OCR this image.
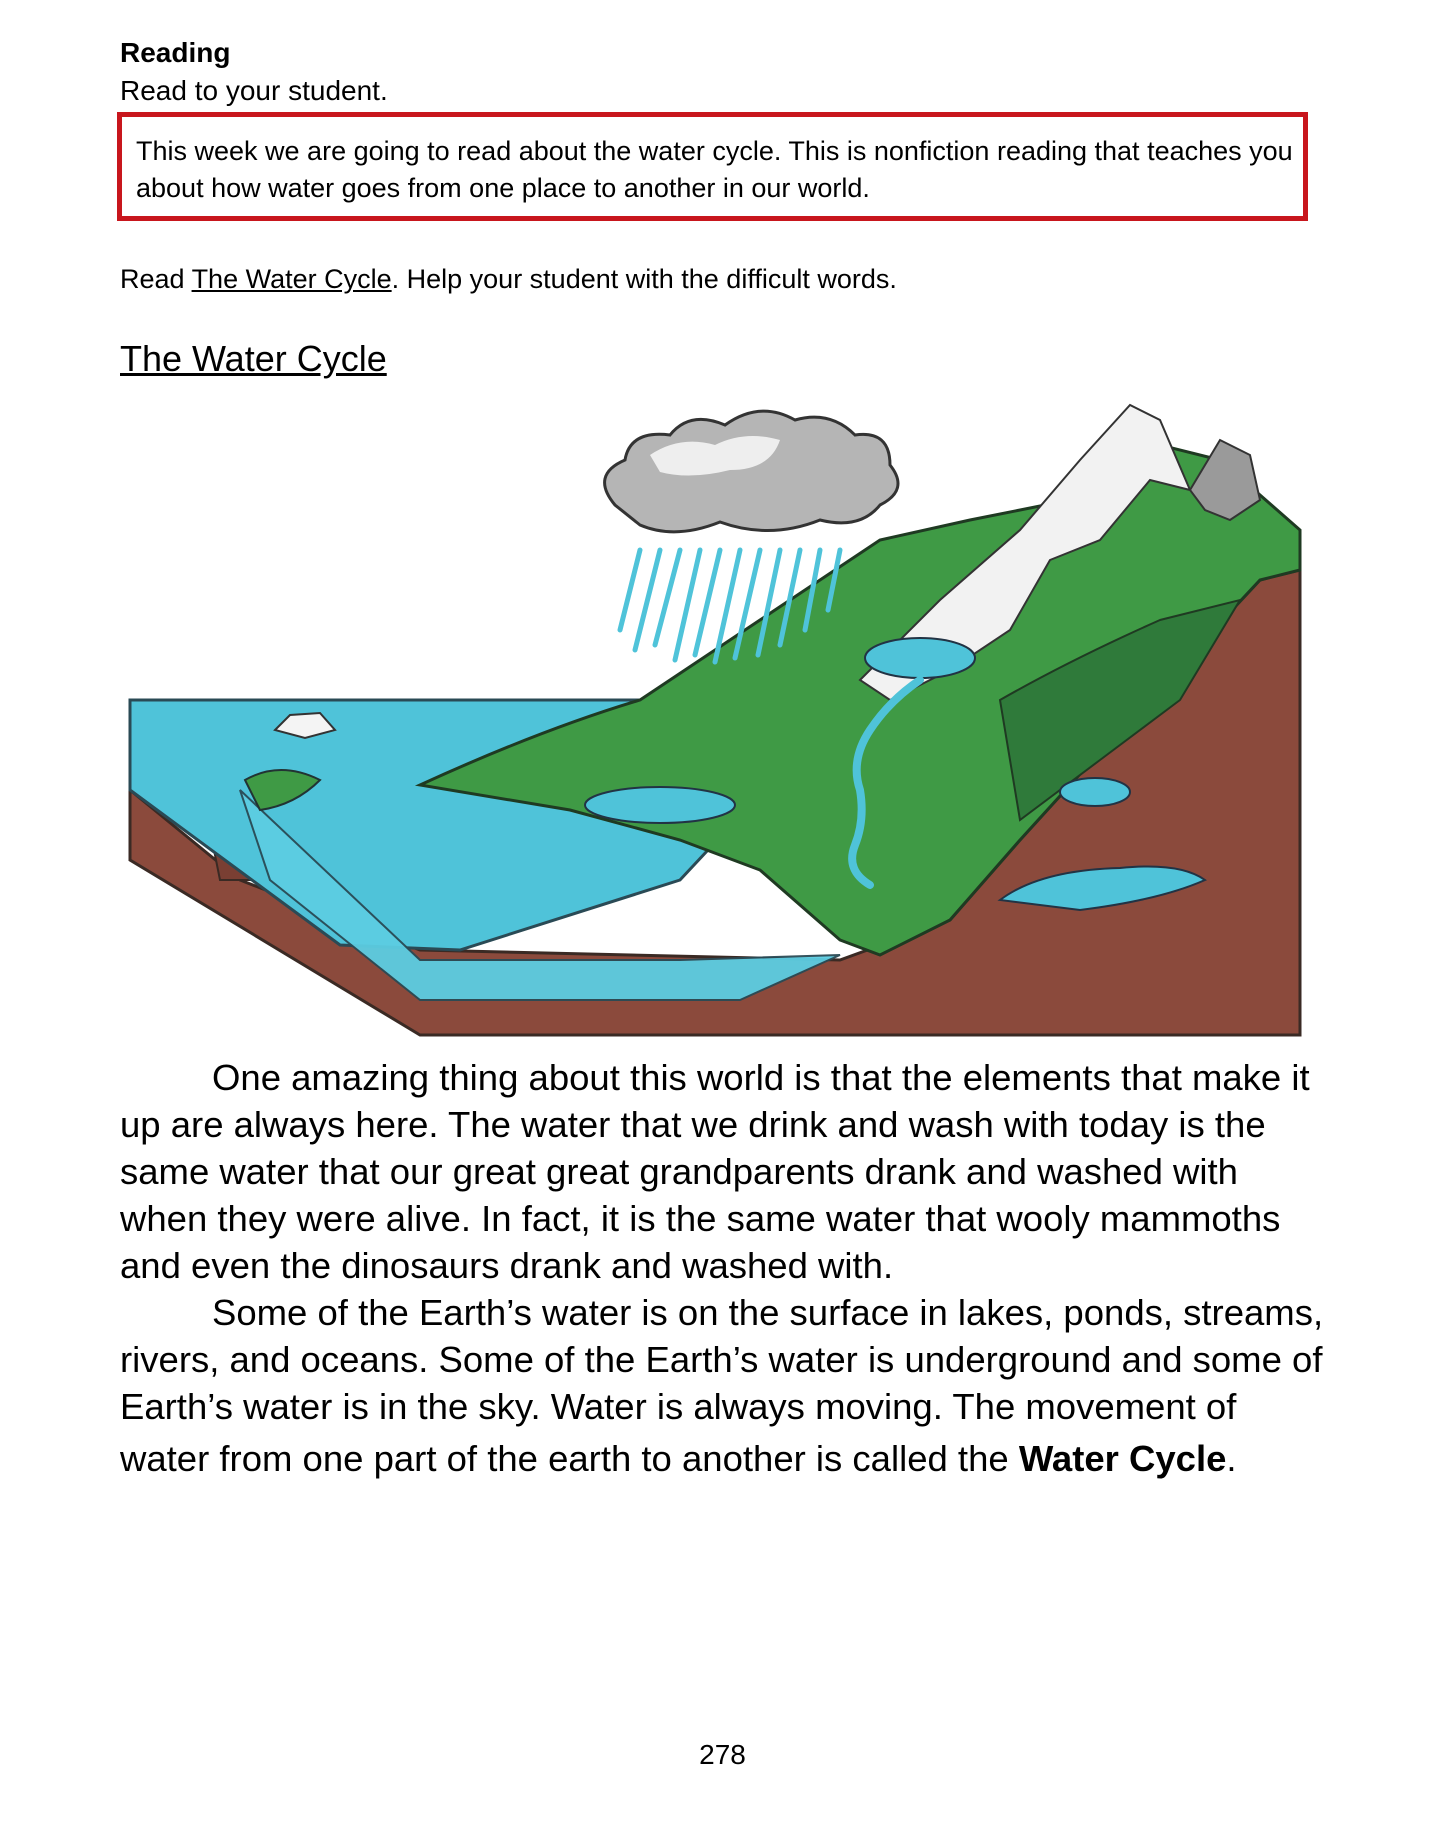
Reading
Read to your student.
This week we are going to read about the water cycle. This is nonfiction reading that teaches you about how water goes from one place to another in our world.
Read The Water Cycle. Help your student with the difficult words.
The Water Cycle

One amazing thing about this world is that the elements that make it up are always here. The water that we drink and wash with today is the same water that our great great grandparents drank and washed with when they were alive. In fact, it is the same water that wooly mammoths and even the dinosaurs drank and washed with.

Some of the Earth’s water is on the surface in lakes, ponds, streams, rivers, and oceans. Some of the Earth’s water is underground and some of Earth’s water is in the sky. Water is always moving. The movement of water from one part of the earth to another is called the Water Cycle.

278
